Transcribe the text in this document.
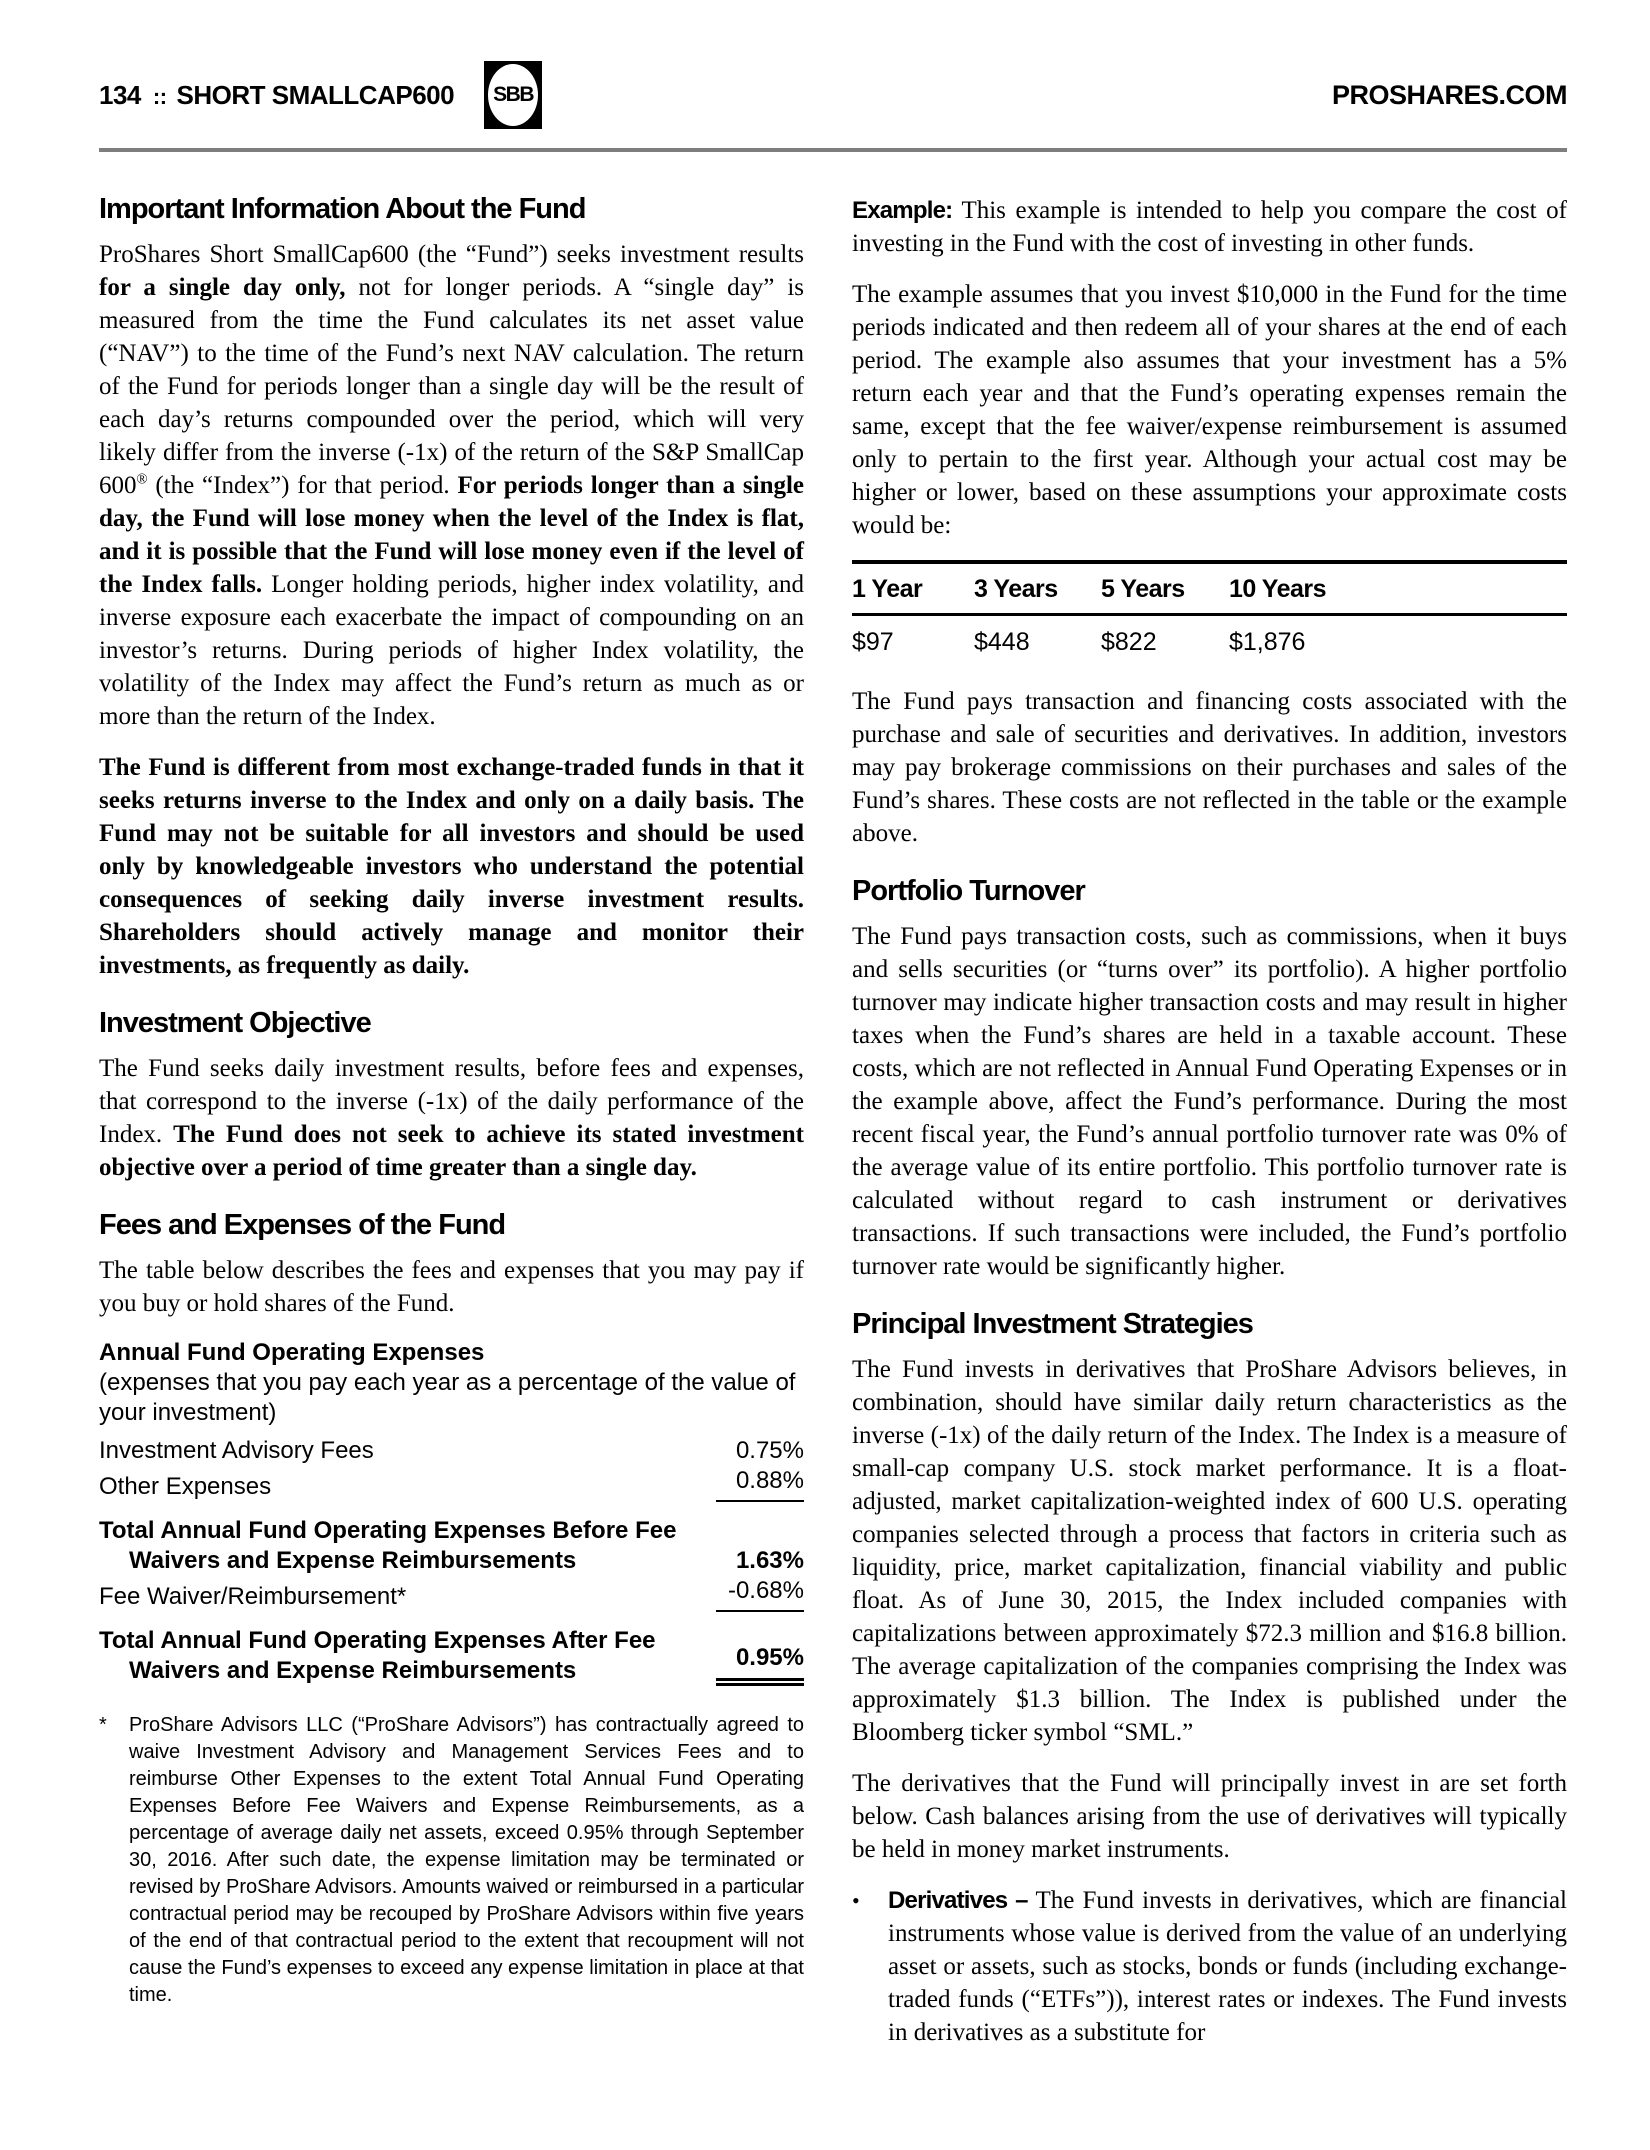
134 :: SHORT SMALLCAP600 SBB	PROSHARES.COM
Important Information About the Fund

ProShares Short SmallCap600 (the “Fund”) seeks investment results for a single day only, not for longer periods. A “single day” is measured from the time the Fund calculates its net asset value (“NAV”) to the time of the Fund’s next NAV calculation. The return of the Fund for periods longer than a single day will be the result of each day’s returns compounded over the period, which will very likely differ from the inverse (-1x) of the return of the S&P SmallCap 600® (the “Index”) for that period. For periods longer than a single day, the Fund will lose money when the level of the Index is flat, and it is possible that the Fund will lose money even if the level of the Index falls. Longer holding periods, higher index volatility, and inverse exposure each exacerbate the impact of compounding on an investor’s returns. During periods of higher Index volatility, the volatility of the Index may affect the Fund’s return as much as or more than the return of the Index.

The Fund is different from most exchange-traded funds in that it seeks returns inverse to the Index and only on a daily basis. The Fund may not be suitable for all investors and should be used only by knowledgeable investors who understand the potential consequences of seeking daily inverse investment results. Shareholders should actively manage and monitor their investments, as frequently as daily.

Investment Objective

The Fund seeks daily investment results, before fees and expenses, that correspond to the inverse (-1x) of the daily performance of the Index. The Fund does not seek to achieve its stated investment objective over a period of time greater than a single day.

Fees and Expenses of the Fund

The table below describes the fees and expenses that you may pay if you buy or hold shares of the Fund.

Annual Fund Operating Expenses
(expenses that you pay each year as a percentage of the value of your investment)
Investment Advisory Fees	0.75%
Other Expenses	0.88%
Total Annual Fund Operating Expenses Before Fee Waivers and Expense Reimbursements	1.63%
Fee Waiver/Reimbursement*	-0.68%
Total Annual Fund Operating Expenses After Fee Waivers and Expense Reimbursements	0.95%
*	ProShare Advisors LLC (“ProShare Advisors”) has contractually agreed to waive Investment Advisory and Management Services Fees and to reimburse Other Expenses to the extent Total Annual Fund Operating Expenses Before Fee Waivers and Expense Reimbursements, as a percentage of average daily net assets, exceed 0.95% through September 30, 2016. After such date, the expense limitation may be terminated or revised by ProShare Advisors. Amounts waived or reimbursed in a particular contractual period may be recouped by ProShare Advisors within five years of the end of that contractual period to the extent that recoupment will not cause the Fund’s expenses to exceed any expense limitation in place at that time.

Example: This example is intended to help you compare the cost of investing in the Fund with the cost of investing in other funds.

The example assumes that you invest $10,000 in the Fund for the time periods indicated and then redeem all of your shares at the end of each period. The example also assumes that your investment has a 5% return each year and that the Fund’s operating expenses remain the same, except that the fee waiver/expense reimbursement is assumed only to pertain to the first year. Although your actual cost may be higher or lower, based on these assumptions your approximate costs would be:

1 Year	3 Years	5 Years	10 Years
$97	$448	$822	$1,876

The Fund pays transaction and financing costs associated with the purchase and sale of securities and derivatives. In addition, investors may pay brokerage commissions on their purchases and sales of the Fund’s shares. These costs are not reflected in the table or the example above.

Portfolio Turnover

The Fund pays transaction costs, such as commissions, when it buys and sells securities (or “turns over” its portfolio). A higher portfolio turnover may indicate higher transaction costs and may result in higher taxes when the Fund’s shares are held in a taxable account. These costs, which are not reflected in Annual Fund Operating Expenses or in the example above, affect the Fund’s performance. During the most recent fiscal year, the Fund’s annual portfolio turnover rate was 0% of the average value of its entire portfolio. This portfolio turnover rate is calculated without regard to cash instrument or derivatives transactions. If such transactions were included, the Fund’s portfolio turnover rate would be significantly higher.

Principal Investment Strategies

The Fund invests in derivatives that ProShare Advisors believes, in combination, should have similar daily return characteristics as the inverse (-1x) of the daily return of the Index. The Index is a measure of small-cap company U.S. stock market performance. It is a float-adjusted, market capitalization-weighted index of 600 U.S. operating companies selected through a process that factors in criteria such as liquidity, price, market capitalization, financial viability and public float. As of June 30, 2015, the Index included companies with capitalizations between approximately $72.3 million and $16.8 billion. The average capitalization of the companies comprising the Index was approximately $1.3 billion. The Index is published under the Bloomberg ticker symbol “SML.”

The derivatives that the Fund will principally invest in are set forth below. Cash balances arising from the use of derivatives will typically be held in money market instruments.

•	Derivatives – The Fund invests in derivatives, which are financial instruments whose value is derived from the value of an underlying asset or assets, such as stocks, bonds or funds (including exchange-traded funds (“ETFs”)), interest rates or indexes. The Fund invests in derivatives as a substitute for
